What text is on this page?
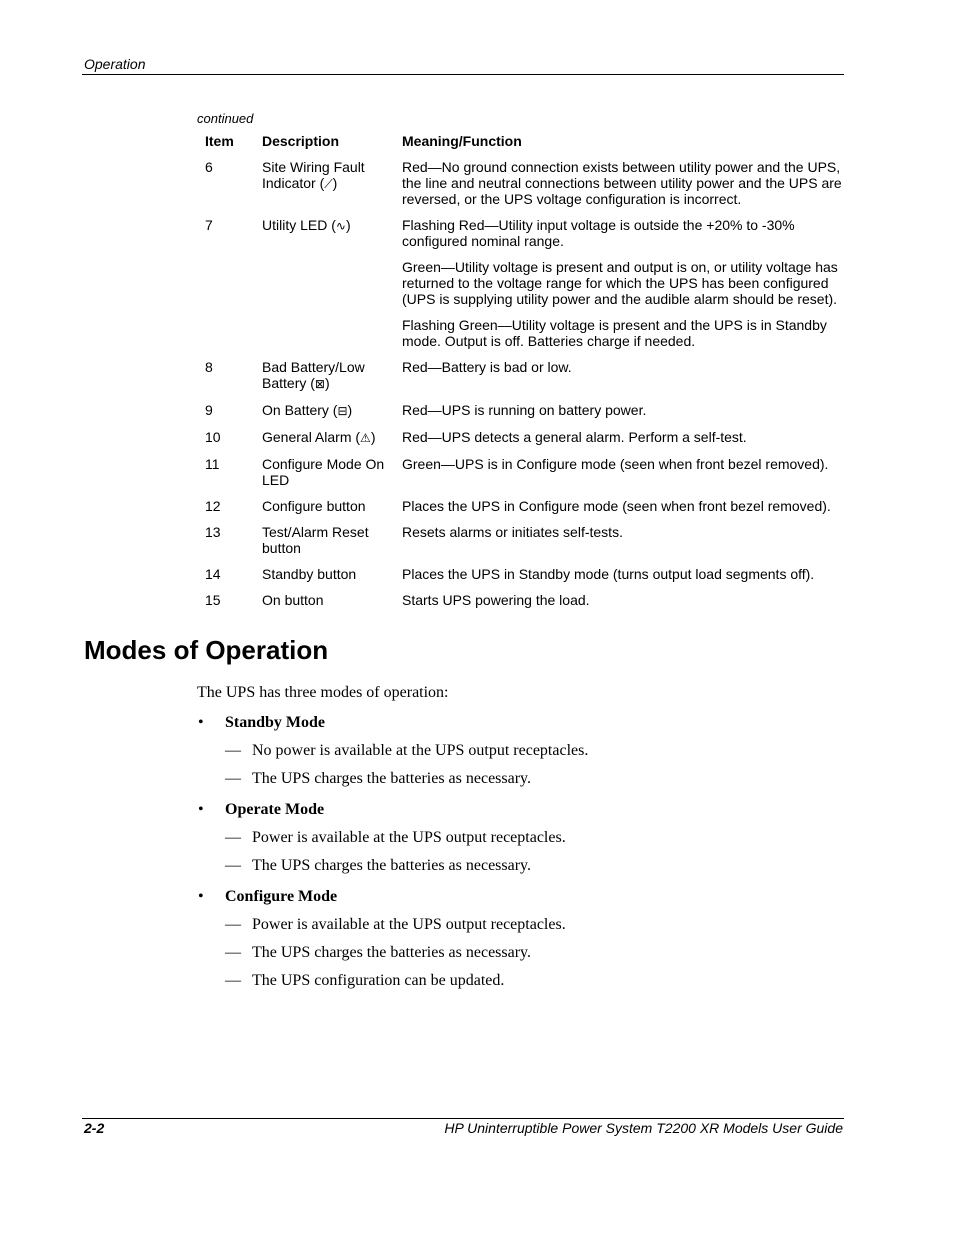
Operation
continued
Item	Description	Meaning/Function
6	Site Wiring Fault Indicator (⟋)	Red—No ground connection exists between utility power and the UPS, the line and neutral connections between utility power and the UPS are reversed, or the UPS voltage configuration is incorrect.

7	Utility LED (∿)	Flashing Red—Utility input voltage is outside the +20% to -30% configured nominal range.

Green—Utility voltage is present and output is on, or utility voltage has returned to the voltage range for which the UPS has been configured (UPS is supplying utility power and the audible alarm should be reset).

Flashing Green—Utility voltage is present and the UPS is in Standby mode. Output is off. Batteries charge if needed.

8	Bad Battery/Low Battery (⊠)	Red—Battery is bad or low.

9	On Battery (⊟)	Red—UPS is running on battery power.

10	General Alarm (⚠)	Red—UPS detects a general alarm. Perform a self-test.

11	Configure Mode On LED	Green—UPS is in Configure mode (seen when front bezel removed).

12	Configure button	Places the UPS in Configure mode (seen when front bezel removed).

13	Test/Alarm Reset button	Resets alarms or initiates self-tests.

14	Standby button	Places the UPS in Standby mode (turns output load segments off).

15	On button	Starts UPS powering the load.

Modes of Operation

The UPS has three modes of operation:

•	Standby Mode
— No power is available at the UPS output receptacles.
— The UPS charges the batteries as necessary.
•	Operate Mode
— Power is available at the UPS output receptacles.
— The UPS charges the batteries as necessary.
•	Configure Mode
— Power is available at the UPS output receptacles.
— The UPS charges the batteries as necessary.
— The UPS configuration can be updated.
2-2	HP Uninterruptible Power System T2200 XR Models User Guide
